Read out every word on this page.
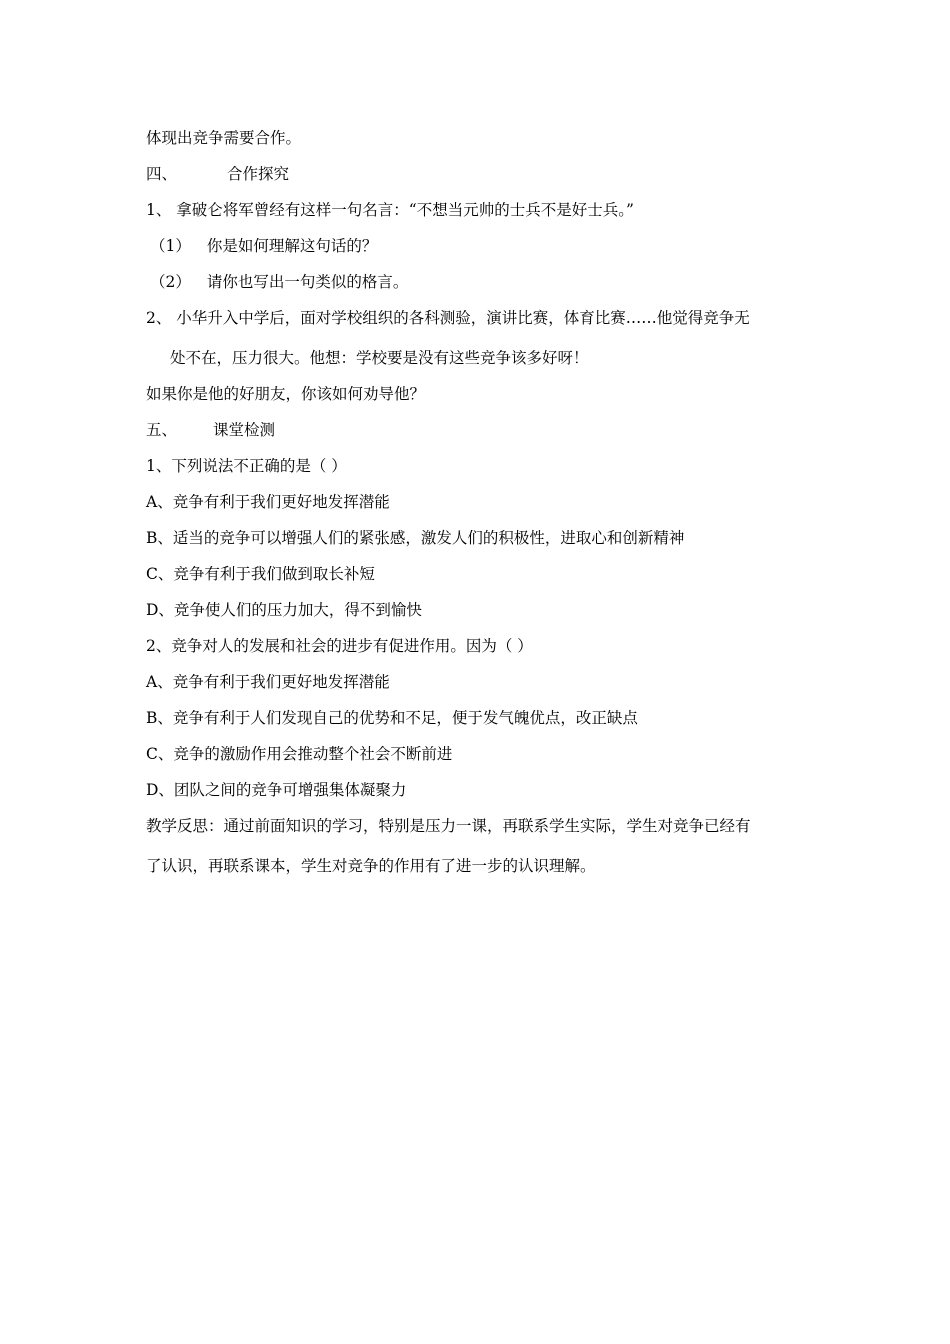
体现出竞争需要合作。
四、	合作探究
1、 拿破仑将军曾经有这样一句名言：“不想当元帅的士兵不是好士兵。”
（1） 你是如何理解这句话的？
（2） 请你也写出一句类似的格言。
2、 小华升入中学后，面对学校组织的各科测验，演讲比赛，体育比赛……他觉得竞争无
处不在，压力很大。他想：学校要是没有这些竞争该多好呀！
如果你是他的好朋友，你该如何劝导他？
五、 课堂检测
1、下列说法不正确的是（ ）
A、竞争有利于我们更好地发挥潜能
B、适当的竞争可以增强人们的紧张感，激发人们的积极性，进取心和创新精神
C、竞争有利于我们做到取长补短
D、竞争使人们的压力加大，得不到愉快
2、竞争对人的发展和社会的进步有促进作用。因为（ ）
A、竞争有利于我们更好地发挥潜能
B、竞争有利于人们发现自己的优势和不足，便于发气魄优点，改正缺点
C、竞争的激励作用会推动整个社会不断前进
D、团队之间的竞争可增强集体凝聚力
教学反思：通过前面知识的学习，特别是压力一课，再联系学生实际，学生对竞争已经有
了认识，再联系课本，学生对竞争的作用有了进一步的认识理解。
